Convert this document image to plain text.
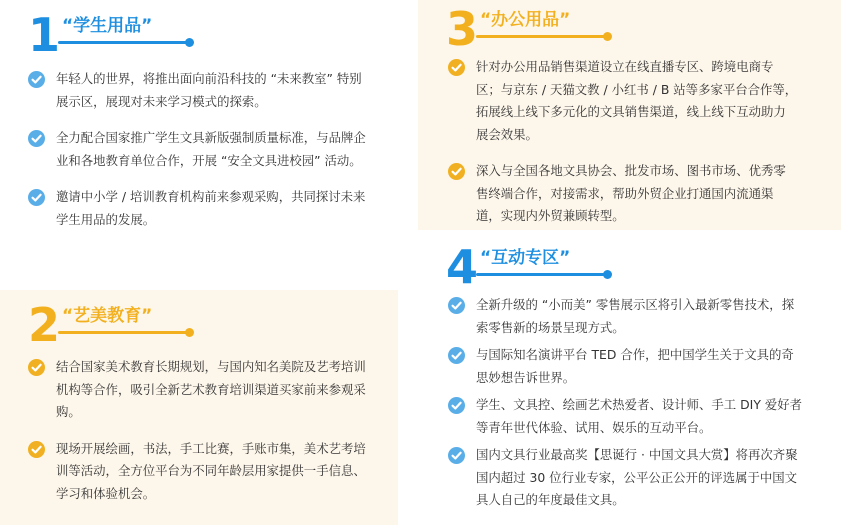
1 “学生用品”
年轻人的世界，将推出面向前沿科技的 “未来教室” 特别展示区，展现对未来学习模式的探索。
全力配合国家推广学生文具新版强制质量标准，与品牌企业和各地教育单位合作，开展 “安全文具进校园” 活动。
邀请中小学 / 培训教育机构前来参观采购，共同探讨未来学生用品的发展。
2 “艺美教育”
结合国家美术教育长期规划，与国内知名美院及艺考培训机构等合作，吸引全新艺术教育培训渠道买家前来参观采购。
现场开展绘画，书法，手工比赛，手账市集，美术艺考培训等活动，全方位平台为不同年龄层用家提供一手信息、学习和体验机会。
3 “办公用品”
针对办公用品销售渠道设立在线直播专区、跨境电商专区；与京东 / 天猫文教 / 小红书 / B 站等多家平台合作等，拓展线上线下多元化的文具销售渠道，线上线下互动助力展会效果。
深入与全国各地文具协会、批发市场、图书市场、优秀零售终端合作，对接需求，帮助外贸企业打通国内流通渠道，实现内外贸兼顾转型。
4 “互动专区”
全新升级的 “小而美” 零售展示区将引入最新零售技术，探索零售新的场景呈现方式。
与国际知名演讲平台 TED 合作，把中国学生关于文具的奇思妙想告诉世界。
学生、文具控、绘画艺术热爱者、设计师、手工 DIY 爱好者等青年世代体验、试用、娱乐的互动平台。
国内文具行业最高奖【思诞行 · 中国文具大赏】将再次齐聚国内超过 30 位行业专家，公平公正公开的评选属于中国文具人自己的年度最佳文具。
